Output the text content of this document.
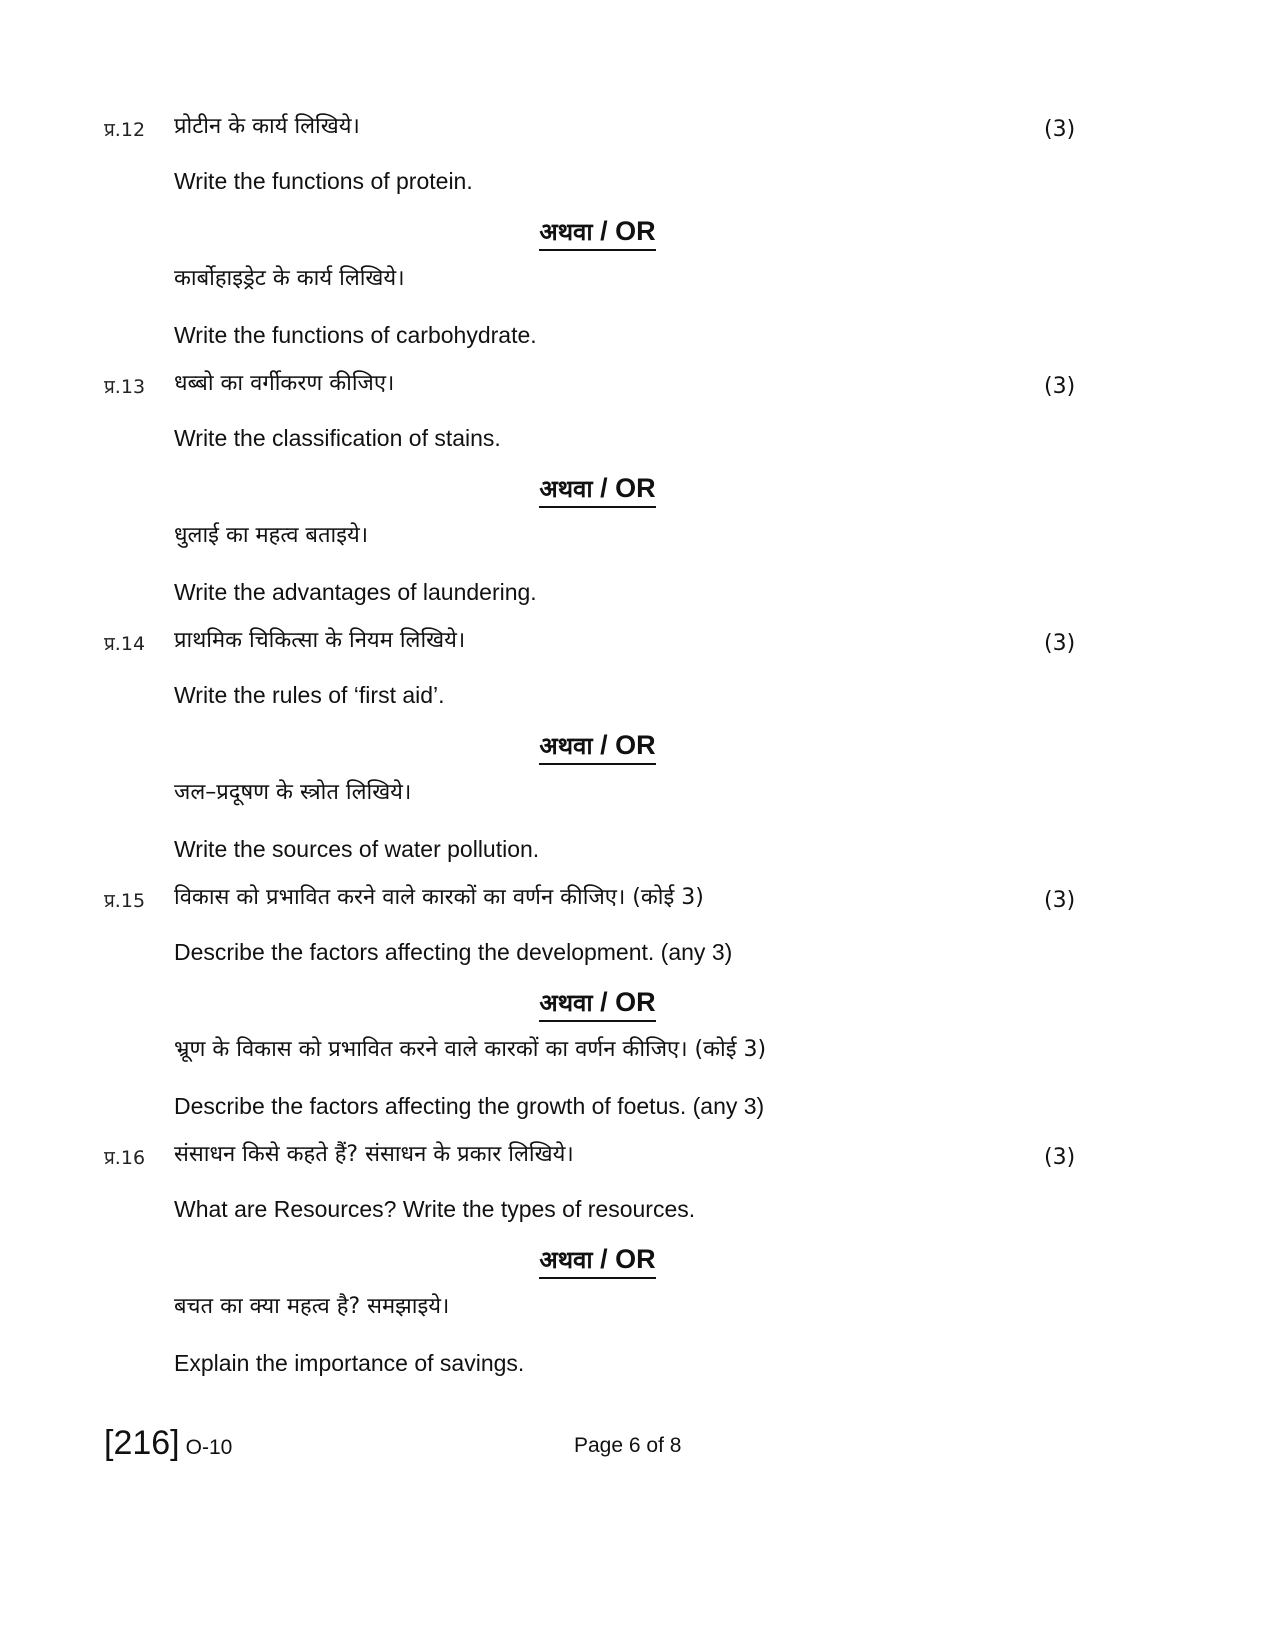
प्र.12 प्रोटीन के कार्य लिखिये।	(3)
Write the functions of protein.
अथवा / OR
कार्बोहाइड्रेट के कार्य लिखिये।
Write the functions of carbohydrate.
प्र.13 धब्बो का वर्गीकरण कीजिए।	(3)
Write the classification of stains.
अथवा / OR
धुलाई का महत्व बताइये।
Write the advantages of laundering.
प्र.14 प्राथमिक चिकित्सा के नियम लिखिये।	(3)
Write the rules of ‘first aid’.
अथवा / OR
जल–प्रदूषण के स्त्रोत लिखिये।
Write the sources of water pollution.
प्र.15 विकास को प्रभावित करने वाले कारकों का वर्णन कीजिए। (कोई 3)	(3)
Describe the factors affecting the development. (any 3)
अथवा / OR
भ्रूण के विकास को प्रभावित करने वाले कारकों का वर्णन कीजिए। (कोई 3)
Describe the factors affecting the growth of foetus. (any 3)
प्र.16 संसाधन किसे कहते हैं? संसाधन के प्रकार लिखिये।	(3)
What are Resources? Write the types of resources.
अथवा / OR
बचत का क्या महत्व है? समझाइये।
Explain the importance of savings.
[216] O-10	Page 6 of 8
